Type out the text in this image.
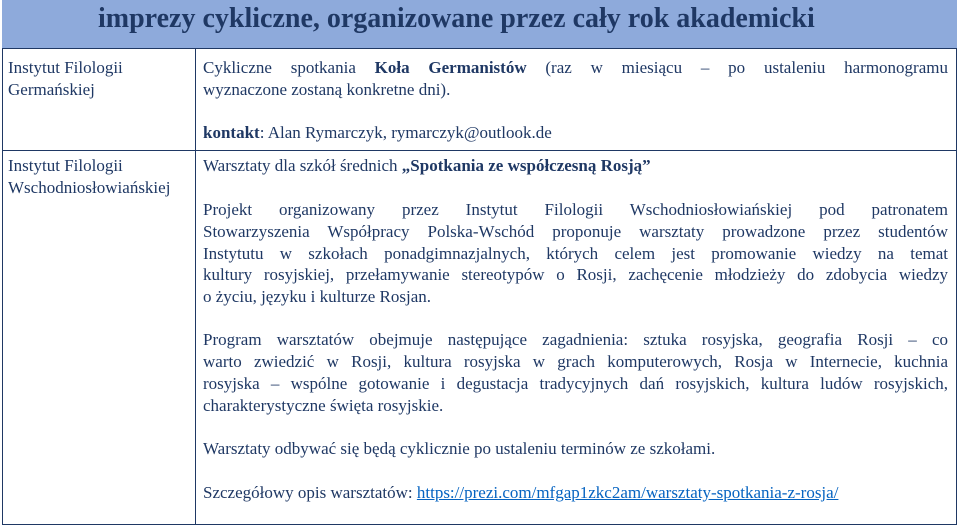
imprezy cykliczne, organizowane przez cały rok akademicki
Instytut Filologii Germańskiej
Cykliczne spotkania Koła Germanistów (raz w miesiącu – po ustaleniu harmonogramu
wyznaczone zostaną konkretne dni).
kontakt: Alan Rymarczyk, rymarczyk@outlook.de
Instytut Filologii Wschodniosłowiańskiej
Warsztaty dla szkół średnich „Spotkania ze współczesną Rosją”
Projekt organizowany przez Instytut Filologii Wschodniosłowiańskiej pod patronatem
Stowarzyszenia Współpracy Polska-Wschód proponuje warsztaty prowadzone przez studentów
Instytutu w szkołach ponadgimnazjalnych, których celem jest promowanie wiedzy na temat
kultury rosyjskiej, przełamywanie stereotypów o Rosji, zachęcenie młodzieży do zdobycia wiedzy
o życiu, języku i kulturze Rosjan.
Program warsztatów obejmuje następujące zagadnienia: sztuka rosyjska, geografia Rosji – co
warto zwiedzić w Rosji, kultura rosyjska w grach komputerowych, Rosja w Internecie, kuchnia
rosyjska – wspólne gotowanie i degustacja tradycyjnych dań rosyjskich, kultura ludów rosyjskich,
charakterystyczne święta rosyjskie.
Warsztaty odbywać się będą cyklicznie po ustaleniu terminów ze szkołami.
Szczegółowy opis warsztatów: https://prezi.com/mfgap1zkc2am/warsztaty-spotkania-z-rosja/
